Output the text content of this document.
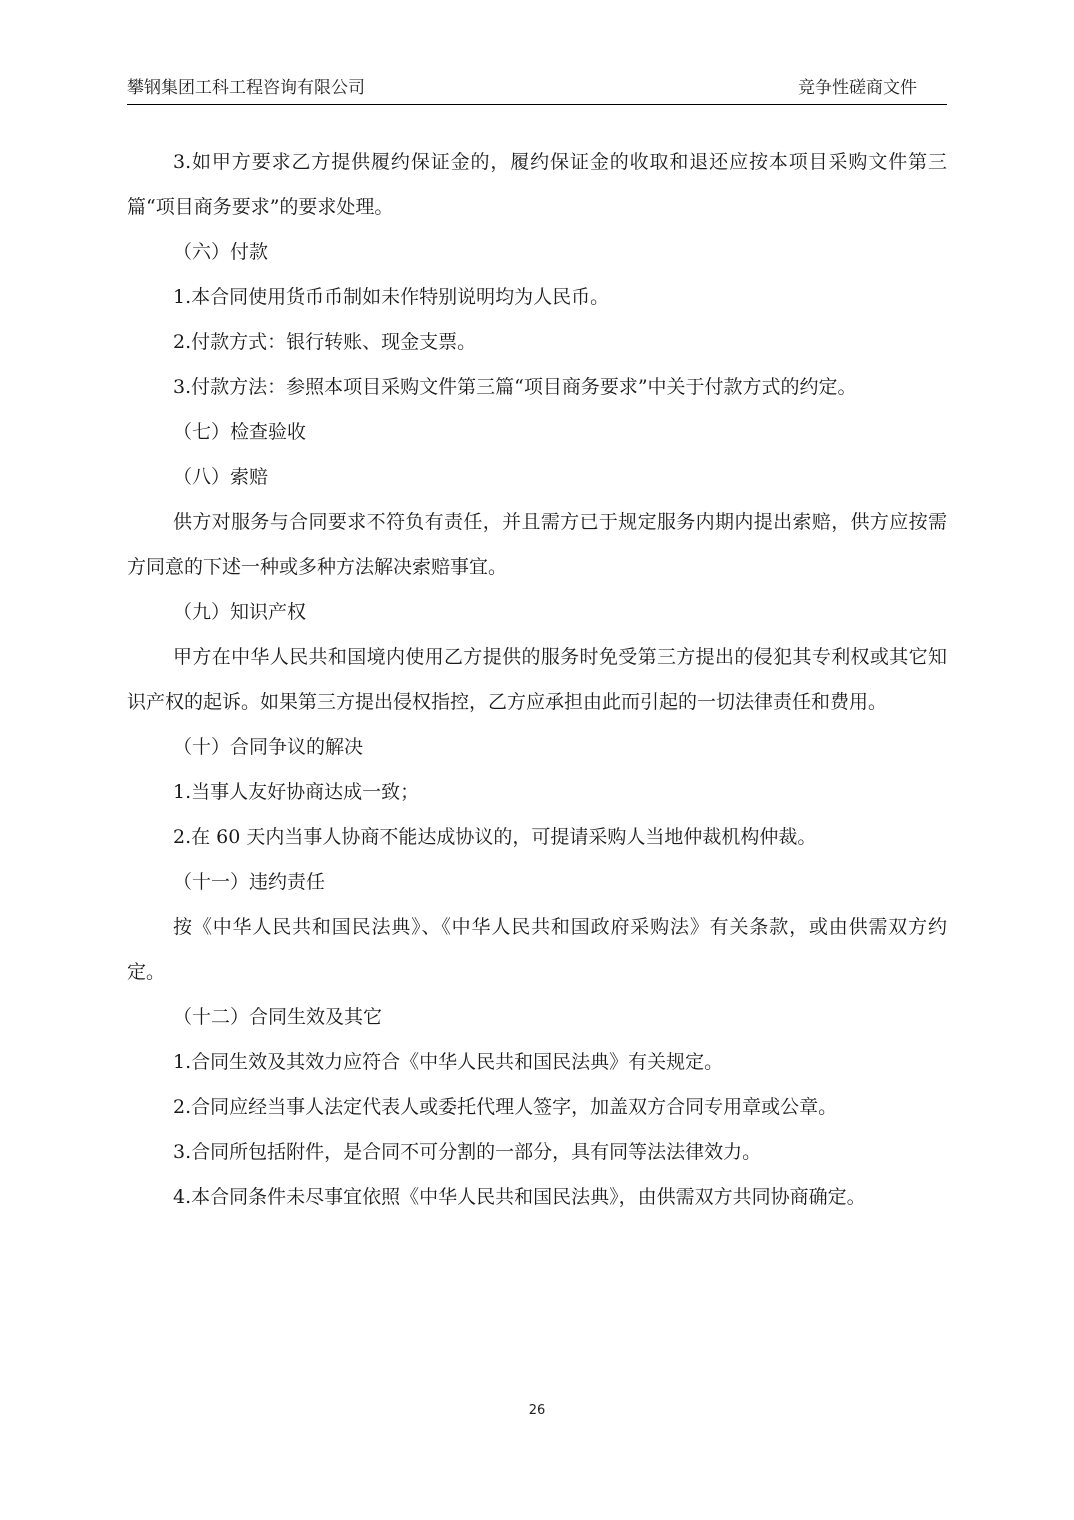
攀钢集团工科工程咨询有限公司	竞争性磋商文件

3.如甲方要求乙方提供履约保证金的，履约保证金的收取和退还应按本项目采购文件第三篇“项目商务要求”的要求处理。

（六）付款

1.本合同使用货币币制如未作特别说明均为人民币。

2.付款方式：银行转账、现金支票。

3.付款方法：参照本项目采购文件第三篇“项目商务要求”中关于付款方式的约定。

（七）检查验收

（八）索赔

供方对服务与合同要求不符负有责任，并且需方已于规定服务内期内提出索赔，供方应按需方同意的下述一种或多种方法解决索赔事宜。

（九）知识产权

甲方在中华人民共和国境内使用乙方提供的服务时免受第三方提出的侵犯其专利权或其它知识产权的起诉。如果第三方提出侵权指控，乙方应承担由此而引起的一切法律责任和费用。

（十）合同争议的解决

1.当事人友好协商达成一致；

2.在 60 天内当事人协商不能达成协议的，可提请采购人当地仲裁机构仲裁。

（十一）违约责任

按《中华人民共和国民法典》、《中华人民共和国政府采购法》有关条款，或由供需双方约定。

（十二）合同生效及其它

1.合同生效及其效力应符合《中华人民共和国民法典》有关规定。

2.合同应经当事人法定代表人或委托代理人签字，加盖双方合同专用章或公章。

3.合同所包括附件，是合同不可分割的一部分，具有同等法法律效力。

4.本合同条件未尽事宜依照《中华人民共和国民法典》，由供需双方共同协商确定。

26
